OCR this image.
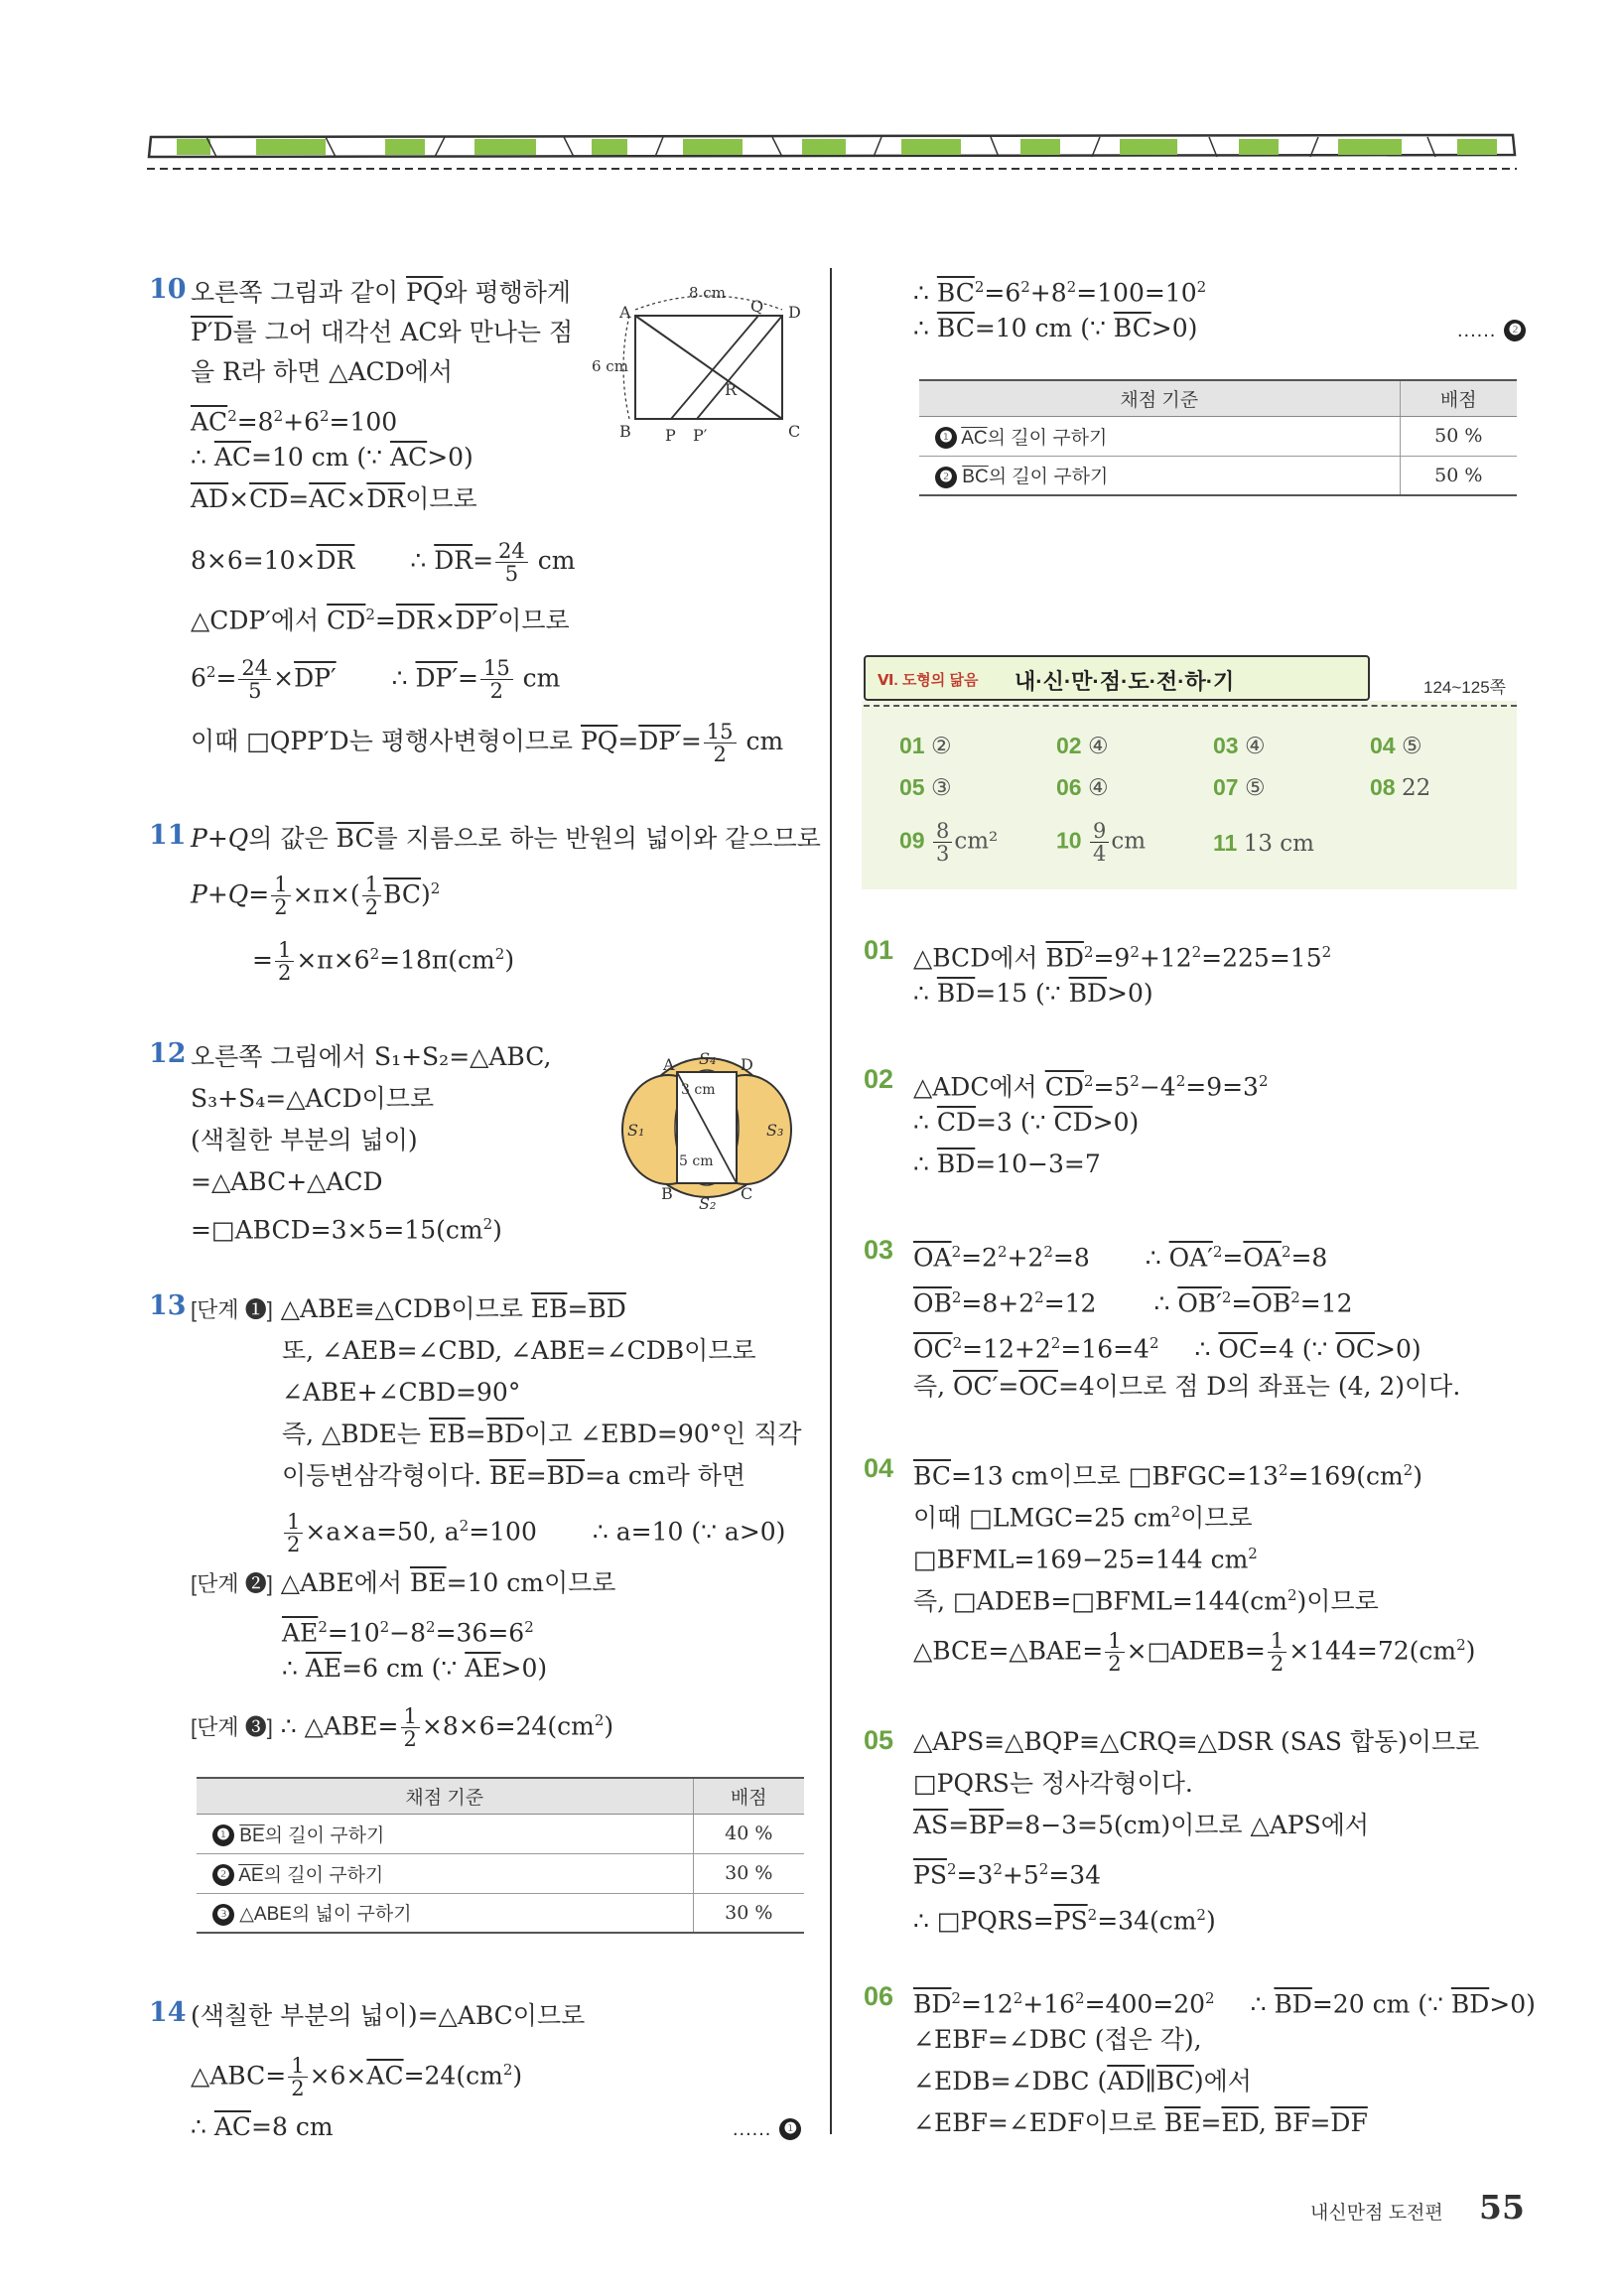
10 오른쪽 그림과 같이 $\overline{PQ}$와 평행하게
P′D를 그어 대각선 AC와 만나는 점
을 R라 하면 △ACD에서
$\overline{AC}^2=8^2+6^2=100$
∴ $\overline{AC}=10$ cm (∵ $\overline{AC}>0$)
$\overline{AD}\times\overline{CD}=\overline{AC}\times\overline{DR}$이므로
$8\times 6=10\times\overline{DR}$ ∴ $\overline{DR}= \frac{24}{5}$ cm
△CDP′에서 $\overline{CD}^2=\overline{DR}\times DP'$이므로
$6^2= \frac{24}{5} \times DP'$ ∴ $DP'= \frac{15}{2}$ cm
이때 □QPP′D는 평행사변형이므로 $\overline{PQ}=DP'= \frac{15}{2}$ cm
8 cm
6 cm
A	Q D
B P P′	C
R
11 P+Q의 값은 $\overline{BC}$를 지름으로 하는 반원의 넓이와 같으므로
$P+Q= \frac{1}{2} \times\pi\times( \frac{1}{2} \overline{BC})^2$
= $\frac{1}{2} \times\pi\times 6^2=18\pi(cm^2)$
12 오른쪽 그림에서 S₁+S₂=△ABC,
S₃+S₄=△ACD이므로
(색칠한 부분의 넓이)
=△ABC+△ACD
$=□ABCD=3\times 5=15(cm^2)$
A	D
B	C
S₁
S₂
S₃
S₄
3 cm
5 cm
13 [단계 ❶] △ABE≡△CDB이므로 $\overline{EB}=\overline{BD}$
또, ∠AEB=∠CBD, ∠ABE=∠CDB이므로
∠ABE+∠CBD=90°
즉, △BDE는 $\overline{EB}=\overline{BD}$이고 ∠EBD=90°인 직각
이등변삼각형이다. $\overline{BE}=\overline{BD}=a$ cm라 하면
$\frac{1}{2} \times a\times a=50$, $a^2=100$ ∴ a=10 (∵ a>0)
[단계 ❷] △ABE에서 $\overline{BE}=10$ cm이므로
$\overline{AE}^2=10^2-8^2=36=6^2$
∴ $\overline{AE}=6$ cm (∵ $\overline{AE}>0$)
[단계 ❸] ∴ △ABE= $\frac{1}{2} \times 8\times 6=24(cm^2)$
채점 기준	배점
❶ $\overline{BE}$의 길이 구하기	40 %
❷ $\overline{AE}$의 길이 구하기	30 %
❸ △ABE의 넓이 구하기	30 %
14 (색칠한 부분의 넓이)=△ABC이므로
△ABC= $\frac{1}{2} \times 6\times\overline{AC}=24(cm^2)$
∴ $\overline{AC}=8$ cm	...... ❶
∴ $\overline{BC}^2=6^2+8^2=100=10^2$
∴ $\overline{BC}=10$ cm (∵ $\overline{BC}>0$)	...... ❷
채점 기준	배점
❶ $\overline{AC}$의 길이 구하기	50 %
❷ $\overline{BC}$의 길이 구하기	50 %
Ⅵ. 도형의 닮음 내·신·만·점·도·전·하·기	124~125쪽
01 ②	02 ④	03 ④	04 ⑤
05 ③	06 ④	07 ⑤	08 22
$09 \frac{8}{3} cm^2$	$10 \frac{9}{4}$ cm	11 13 cm
01 △BCD에서 $\overline{BD}^2=9^2+12^2=225=15^2$
∴ $\overline{BD}=15$ (∵ $\overline{BD}>0$)
02 △ADC에서 $\overline{CD}^2=5^2-4^2=9=3^2$
∴ $\overline{CD}=3$ (∵ $\overline{CD}>0$)
∴ $\overline{BD}=10-3=7$
03 $\overline{OA}^2=2^2+2^2=8$ ∴ $OA'^2=\overline{OA}^2=8$
$\overline{OB}^2=8+2^2=12$ ∴ $OB'^2=\overline{OB}^2=12$
$\overline{OC}^2=12+2^2=16=4^2$ ∴ $\overline{OC}=4$ (∵ $\overline{OC}>0$)
즉, $OC'=\overline{OC}=4$이므로 점 D의 좌표는 (4, 2)이다.
04 $\overline{BC}=13$ cm이므로 $□BFGC=13^2=169(cm^2)$
이때 □LMGC=25 $cm^2$이므로
□BFML=169−25=144 $cm^2$
즉, $□ADEB=□BFML=144(cm^2)$이므로
△BCE=△BAE= $\frac{1}{2}$ ×□ADEB= $\frac{1}{2} \times 144=72(cm^2)$
05 △APS≡△BQP≡△CRQ≡△DSR (SAS 합동)이므로
□PQRS는 정사각형이다.
$\overline{AS}=\overline{BP}=8-3=5(cm)$이므로 △APS에서
$\overline{PS}^2=3^2+5^2=34$
∴ $□PQRS=\overline{PS}^2=34(cm^2)$
06 $\overline{BD}^2=12^2+16^2=400=20^2$ ∴ $\overline{BD}=20$ cm (∵ $\overline{BD}>0$)
∠EBF=∠DBC (접은 각),
∠EDB=∠DBC $(\overline{AD}\parallel\overline{BC})$에서
∠EBF=∠EDF이므로 $\overline{BE}=\overline{ED}$, $\overline{BF}=\overline{DF}$
내신만점 도전편 55
